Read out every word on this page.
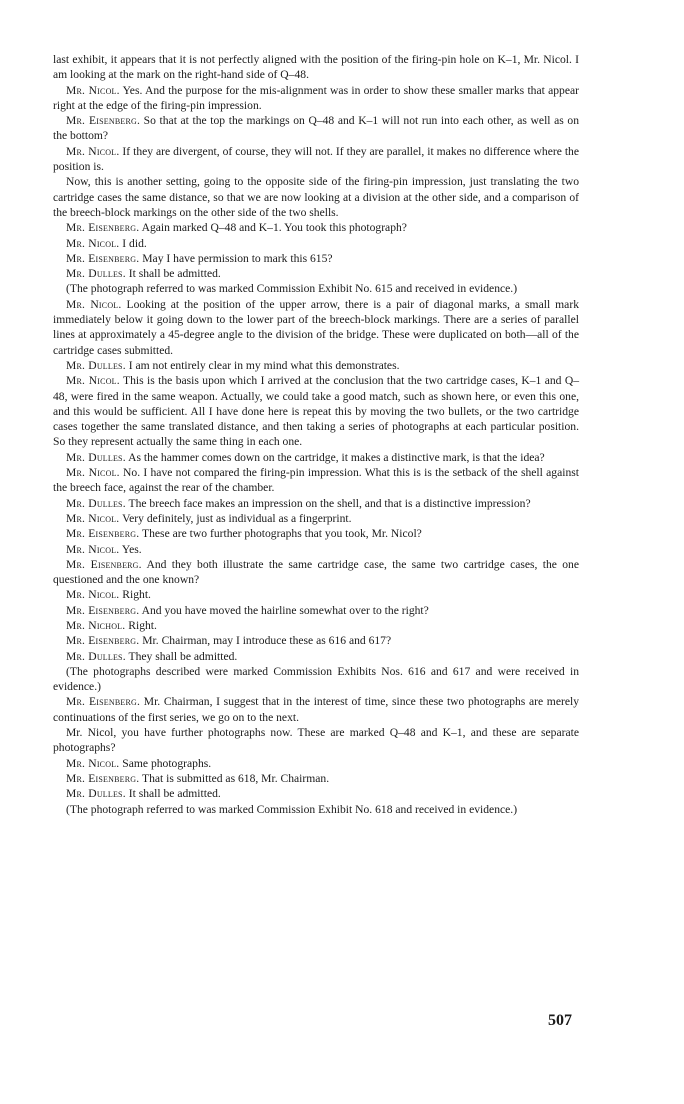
last exhibit, it appears that it is not perfectly aligned with the position of the firing-pin hole on K–1, Mr. Nicol. I am looking at the mark on the right-hand side of Q–48.

Mr. Nicol. Yes. And the purpose for the mis-alignment was in order to show these smaller marks that appear right at the edge of the firing-pin impression.

Mr. Eisenberg. So that at the top the markings on Q–48 and K–1 will not run into each other, as well as on the bottom?

Mr. Nicol. If they are divergent, of course, they will not. If they are parallel, it makes no difference where the position is.

Now, this is another setting, going to the opposite side of the firing-pin impression, just translating the two cartridge cases the same distance, so that we are now looking at a division at the other side, and a comparison of the breech-block markings on the other side of the two shells.

Mr. Eisenberg. Again marked Q–48 and K–1. You took this photograph?

Mr. Nicol. I did.

Mr. Eisenberg. May I have permission to mark this 615?

Mr. Dulles. It shall be admitted.

(The photograph referred to was marked Commission Exhibit No. 615 and received in evidence.)

Mr. Nicol. Looking at the position of the upper arrow, there is a pair of diagonal marks, a small mark immediately below it going down to the lower part of the breech-block markings. There are a series of parallel lines at approximately a 45-degree angle to the division of the bridge. These were duplicated on both—all of the cartridge cases submitted.

Mr. Dulles. I am not entirely clear in my mind what this demonstrates.

Mr. Nicol. This is the basis upon which I arrived at the conclusion that the two cartridge cases, K–1 and Q–48, were fired in the same weapon. Actually, we could take a good match, such as shown here, or even this one, and this would be sufficient. All I have done here is repeat this by moving the two bullets, or the two cartridge cases together the same translated distance, and then taking a series of photographs at each particular position. So they represent actually the same thing in each one.

Mr. Dulles. As the hammer comes down on the cartridge, it makes a distinctive mark, is that the idea?

Mr. Nicol. No. I have not compared the firing-pin impression. What this is is the setback of the shell against the breech face, against the rear of the chamber.

Mr. Dulles. The breech face makes an impression on the shell, and that is a distinctive impression?

Mr. Nicol. Very definitely, just as individual as a fingerprint.

Mr. Eisenberg. These are two further photographs that you took, Mr. Nicol?

Mr. Nicol. Yes.

Mr. Eisenberg. And they both illustrate the same cartridge case, the same two cartridge cases, the one questioned and the one known?

Mr. Nicol. Right.

Mr. Eisenberg. And you have moved the hairline somewhat over to the right?

Mr. Nichol. Right.

Mr. Eisenberg. Mr. Chairman, may I introduce these as 616 and 617?

Mr. Dulles. They shall be admitted.

(The photographs described were marked Commission Exhibits Nos. 616 and 617 and were received in evidence.)

Mr. Eisenberg. Mr. Chairman, I suggest that in the interest of time, since these two photographs are merely continuations of the first series, we go on to the next.

Mr. Nicol, you have further photographs now. These are marked Q–48 and K–1, and these are separate photographs?

Mr. Nicol. Same photographs.

Mr. Eisenberg. That is submitted as 618, Mr. Chairman.

Mr. Dulles. It shall be admitted.

(The photograph referred to was marked Commission Exhibit No. 618 and received in evidence.)

507
